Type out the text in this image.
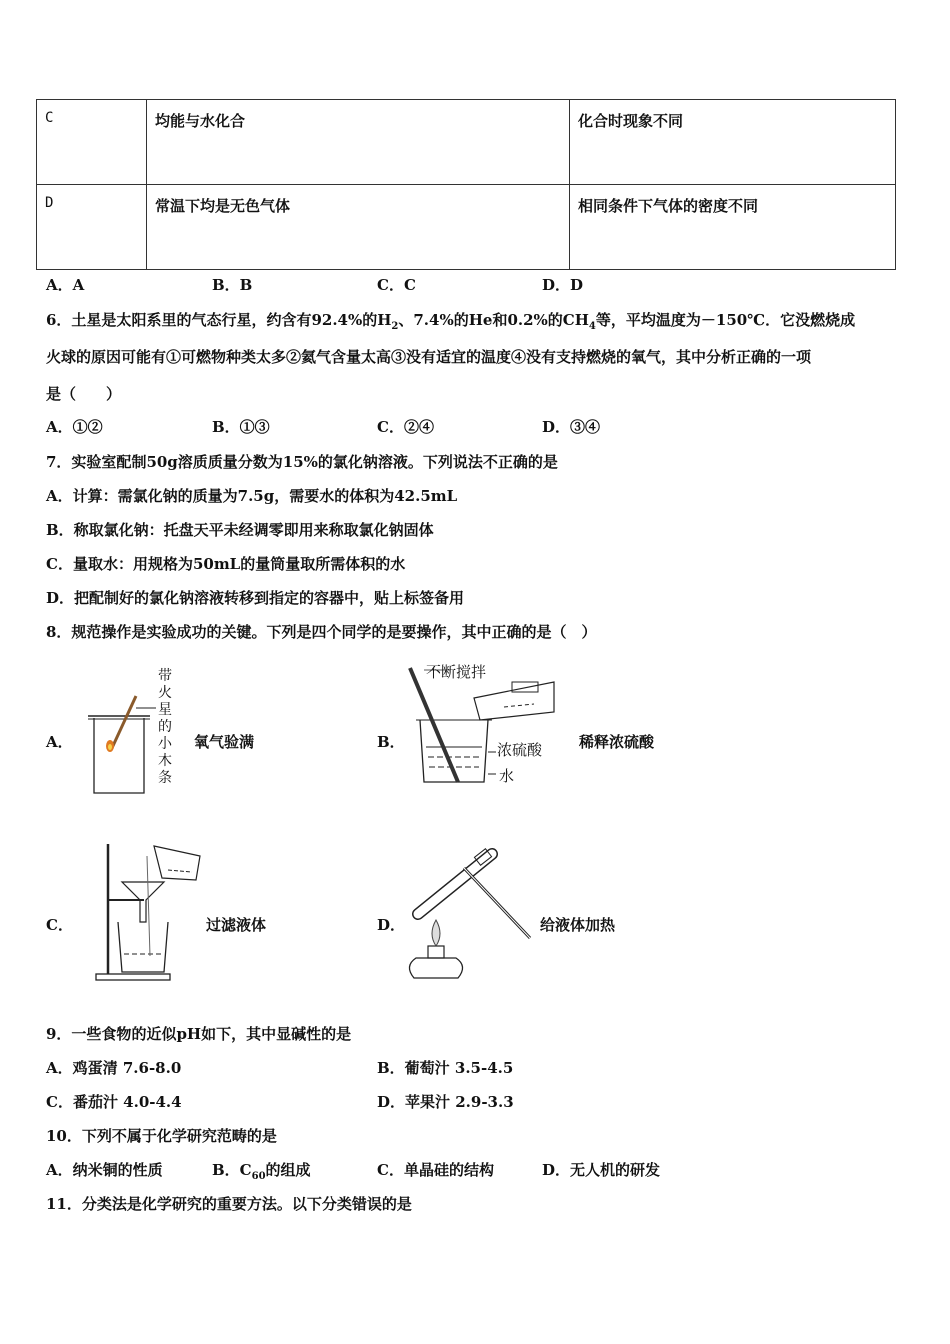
C	均能与水化合	化合时现象不同
D	常温下均是无色气体	相同条件下气体的密度不同
A．A	B．B	C．C	D．D
6．土星是太阳系里的气态行星，约含有92.4%的$H_2$、7.4%的He和0.2%的$CH_4$等，平均温度为－150℃．它没燃烧成
火球的原因可能有①可燃物种类太多②氦气含量太高③没有适宜的温度④没有支持燃烧的氧气，其中分析正确的一项
是（　　）
A．①②	B．①③	C．②④	D．③④
7．实验室配制50g溶质质量分数为15%的氯化钠溶液。下列说法不正确的是
A．计算：需氯化钠的质量为7.5g，需要水的体积为42.5mL
B．称取氯化钠：托盘天平未经调零即用来称取氯化钠固体
C．量取水：用规格为50mL的量筒量取所需体积的水
D．把配制好的氯化钠溶液转移到指定的容器中，贴上标签备用
8．规范操作是实验成功的关键。下列是四个同学的是要操作，其中正确的是（　）
A．
带
火
星
的
小
木
条
氧气验满	B．
不断搅拌
浓硫酸
水
稀释浓硫酸
C．	过滤液体	D．	给液体加热
9．一些食物的近似pH如下，其中显碱性的是
A．鸡蛋清 7.6-8.0	B．葡萄汁 3.5-4.5
C．番茄汁 4.0-4.4	D．苹果汁 2.9-3.3
10．下列不属于化学研究范畴的是
A．纳米铜的性质	B．$C_{60}$的组成	C．单晶硅的结构	D．无人机的研发
11．分类法是化学研究的重要方法。以下分类错误的是
